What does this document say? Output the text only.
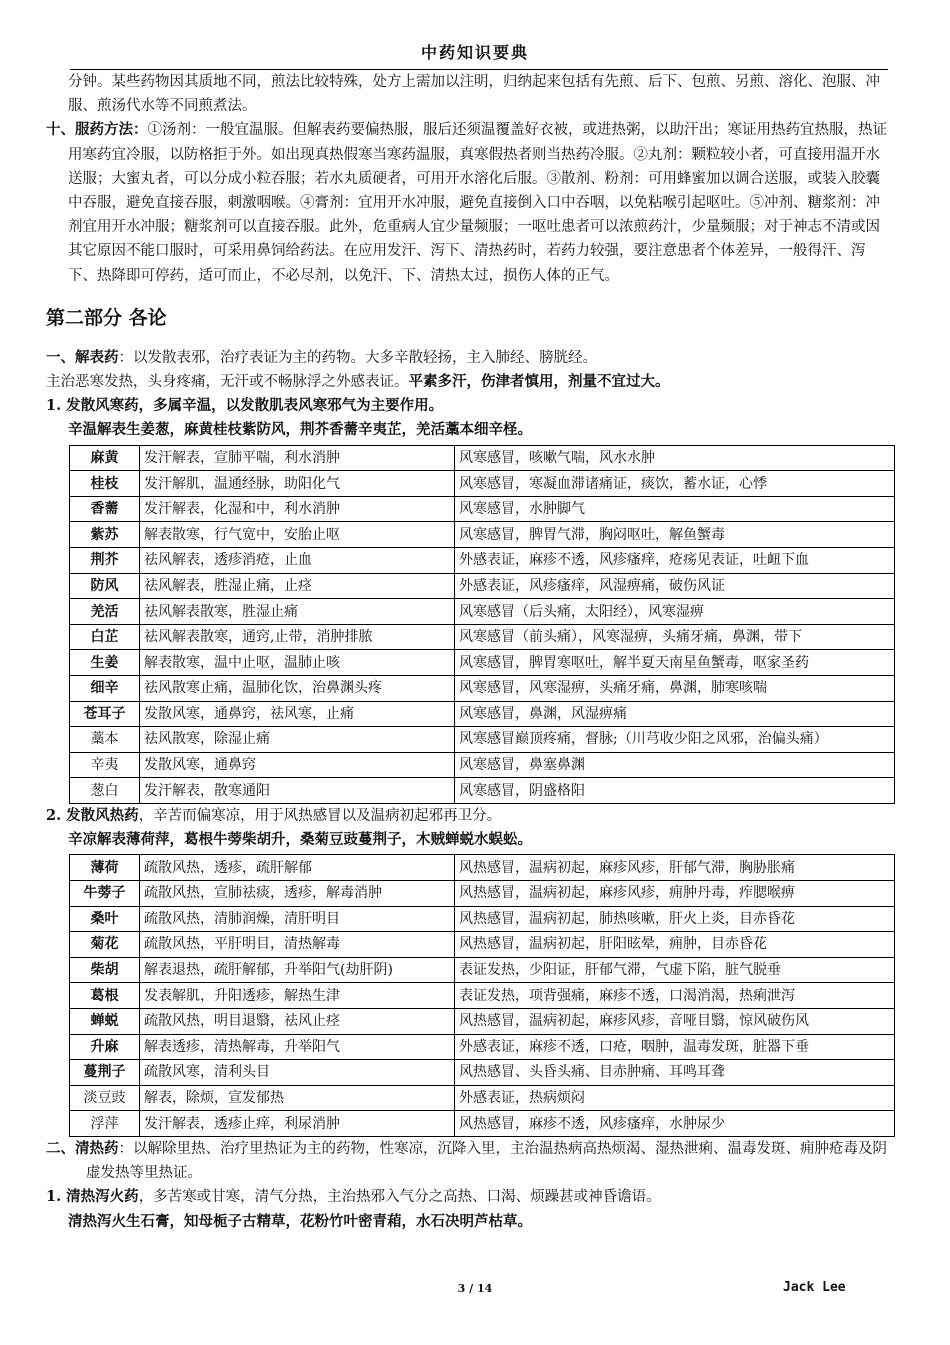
中药知识要典

分钟。某些药物因其质地不同，煎法比较特殊，处方上需加以注明，归纳起来包括有先煎、后下、包煎、另煎、溶化、泡服、冲服、煎汤代水等不同煎煮法。

十、服药方法：①汤剂：一般宜温服。但解表药要偏热服，服后还须温覆盖好衣被，或进热粥，以助汗出；寒证用热药宜热服，热证用寒药宜冷服，以防格拒于外。如出现真热假寒当寒药温服，真寒假热者则当热药冷服。②丸剂：颗粒较小者，可直接用温开水送服；大蜜丸者，可以分成小粒吞服；若水丸质硬者，可用开水溶化后服。③散剂、粉剂：可用蜂蜜加以调合送服，或装入胶囊中吞服，避免直接吞服，刺激咽喉。④膏剂：宜用开水冲服，避免直接倒入口中吞咽，以免粘喉引起呕吐。⑤冲剂、糖浆剂：冲剂宜用开水冲服；糖浆剂可以直接吞服。此外，危重病人宜少量频服；一呕吐患者可以浓煎药汁，少量频服；对于神志不清或因其它原因不能口服时，可采用鼻饲给药法。在应用发汗、泻下、清热药时，若药力较强，要注意患者个体差异，一般得汗、泻下、热降即可停药，适可而止，不必尽剂，以免汗、下、清热太过，损伤人体的正气。

第二部分 各论

一、解表药：以发散表邪，治疗表证为主的药物。大多辛散轻扬，主入肺经、膀胱经。

主治恶寒发热，头身疼痛，无汗或不畅脉浮之外感表证。平素多汗，伤津者慎用，剂量不宜过大。

1. 发散风寒药，多属辛温，以发散肌表风寒邪气为主要作用。

辛温解表生姜葱，麻黄桂枝紫防风，荆芥香薷辛夷芷，羌活藁本细辛柽。

麻黄	发汗解表，宣肺平喘，利水消肿	风寒感冒，咳嗽气喘，风水水肿
桂枝	发汗解肌，温通经脉，助阳化气	风寒感冒，寒凝血滞诸痛证，痰饮，蓄水证，心悸
香薷	发汗解表，化湿和中，利水消肿	风寒感冒，水肿脚气
紫苏	解表散寒，行气宽中，安胎止呕	风寒感冒，脾胃气滞，胸闷呕吐，解鱼蟹毒
荆芥	祛风解表，透疹消疮，止血	外感表证，麻疹不透，风疹瘙痒，疮疡见表证，吐衄下血
防风	祛风解表，胜湿止痛，止痉	外感表证，风疹瘙痒，风湿痹痛，破伤风证
羌活	祛风解表散寒，胜湿止痛	风寒感冒（后头痛，太阳经），风寒湿痹
白芷	祛风解表散寒，通窍,止带，消肿排脓	风寒感冒（前头痛），风寒湿痹，头痛牙痛，鼻渊，带下
生姜	解表散寒，温中止呕，温肺止咳	风寒感冒，脾胃寒呕吐，解半夏天南星鱼蟹毒，呕家圣药
细辛	祛风散寒止痛，温肺化饮，治鼻渊头疼	风寒感冒，风寒湿痹，头痛牙痛，鼻渊，肺寒咳喘
苍耳子	发散风寒，通鼻窍，祛风寒，止痛	风寒感冒，鼻渊，风湿痹痛
藁本	祛风散寒，除湿止痛	风寒感冒巅顶疼痛，督脉;（川芎收少阳之风邪，治偏头痛）
辛夷	发散风寒，通鼻窍	风寒感冒，鼻塞鼻渊
葱白	发汗解表，散寒通阳	风寒感冒，阴盛格阳

2. 发散风热药，辛苦而偏寒凉，用于风热感冒以及温病初起邪再卫分。

辛凉解表薄荷萍，葛根牛蒡柴胡升，桑菊豆豉蔓荆子，木贼蝉蜕水蜈蚣。

薄荷	疏散风热，透疹，疏肝解郁	风热感冒，温病初起，麻疹风疹，肝郁气滞，胸胁胀痛
牛蒡子	疏散风热，宣肺祛痰，透疹，解毒消肿	风热感冒，温病初起，麻疹风疹，痈肿丹毒，痄腮喉痹
桑叶	疏散风热，清肺润燥，清肝明目	风热感冒，温病初起，肺热咳嗽，肝火上炎，目赤昏花
菊花	疏散风热，平肝明目，清热解毒	风热感冒，温病初起，肝阳眩晕，痈肿，目赤昏花
柴胡	解表退热，疏肝解郁，升举阳气(劫肝阴)	表证发热，少阳证，肝郁气滞，气虚下陷，脏气脱垂
葛根	发表解肌，升阳透疹，解热生津	表证发热，项背强痛，麻疹不透，口渴消渴，热痢泄泻
蝉蜕	疏散风热，明目退翳，祛风止痉	风热感冒，温病初起，麻疹风疹，音哑目翳，惊风破伤风
升麻	解表透疹，清热解毒，升举阳气	外感表证，麻疹不透，口疮，咽肿，温毒发斑，脏器下垂
蔓荆子	疏散风寒，清利头目	风热感冒、头昏头痛、目赤肿痛、耳鸣耳聋
淡豆豉	解表，除烦，宣发郁热	外感表证，热病烦闷
浮萍	发汗解表，透疹止痒，利尿消肿	风热感冒，麻疹不透，风疹瘙痒，水肿尿少

二、清热药：以解除里热、治疗里热证为主的药物，性寒凉，沉降入里，主治温热病高热烦渴、湿热泄痢、温毒发斑、痈肿疮毒及阴虚发热等里热证。

1. 清热泻火药，多苦寒或甘寒，清气分热，主治热邪入气分之高热、口渴、烦躁甚或神昏谵语。

清热泻火生石膏，知母栀子古精草，花粉竹叶密青葙，水石决明芦枯草。

3 / 14	Jack Lee
